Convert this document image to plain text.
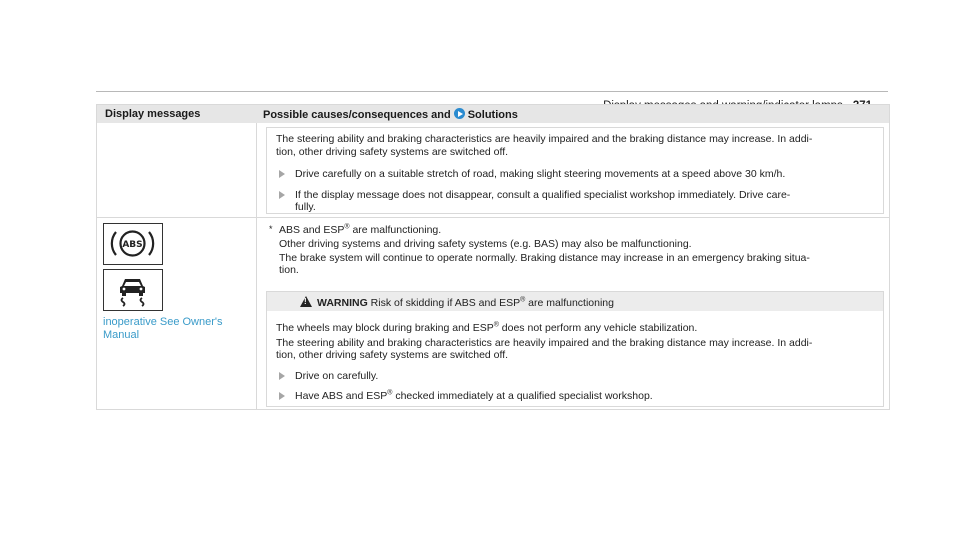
Display messages	Possible causes/consequences and Solutions
The steering ability and braking characteristics are heavily impaired and the braking distance may increase. In addi-
tion, other driving safety systems are switched off.
Drive carefully on a suitable stretch of road, making slight steering movements at a speed above 30 km/h.
If the display message does not disappear, consult a qualified specialist workshop immediately. Drive care-
fully.
ABS
inoperative See Owner's
Manual
* ABS and ESP® are malfunctioning.
Other driving systems and driving safety systems (e.g. BAS) may also be malfunctioning.
The brake system will continue to operate normally. Braking distance may increase in an emergency braking situa-
tion.
!WARNING Risk of skidding if ABS and ESP® are malfunctioning
The wheels may block during braking and ESP® does not perform any vehicle stabilization.
The steering ability and braking characteristics are heavily impaired and the braking distance may increase. In addi-
tion, other driving safety systems are switched off.
Drive on carefully.
Have ABS and ESP® checked immediately at a qualified specialist workshop.
